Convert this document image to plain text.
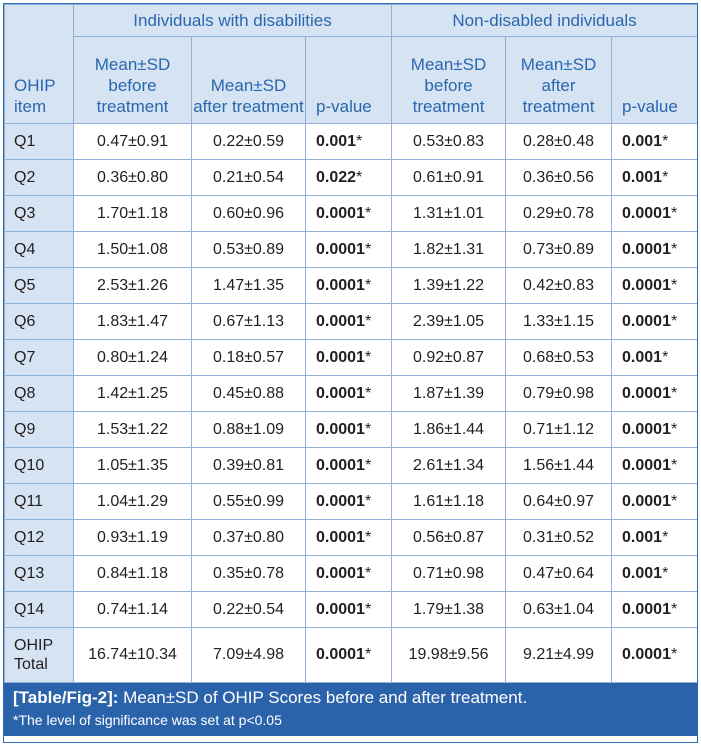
OHIP item	Individuals with disabilities			Non-disabled individuals		
	Mean±SD before treatment	Mean±SD after treatment	p-value	Mean±SD before treatment	Mean±SD after treatment	p-value
Q1	0.47±0.91	0.22±0.59	0.001*	0.53±0.83	0.28±0.48	0.001*
Q2	0.36±0.80	0.21±0.54	0.022*	0.61±0.91	0.36±0.56	0.001*
Q3	1.70±1.18	0.60±0.96	0.0001*	1.31±1.01	0.29±0.78	0.0001*
Q4	1.50±1.08	0.53±0.89	0.0001*	1.82±1.31	0.73±0.89	0.0001*
Q5	2.53±1.26	1.47±1.35	0.0001*	1.39±1.22	0.42±0.83	0.0001*
Q6	1.83±1.47	0.67±1.13	0.0001*	2.39±1.05	1.33±1.15	0.0001*
Q7	0.80±1.24	0.18±0.57	0.0001*	0.92±0.87	0.68±0.53	0.001*
Q8	1.42±1.25	0.45±0.88	0.0001*	1.87±1.39	0.79±0.98	0.0001*
Q9	1.53±1.22	0.88±1.09	0.0001*	1.86±1.44	0.71±1.12	0.0001*
Q10	1.05±1.35	0.39±0.81	0.0001*	2.61±1.34	1.56±1.44	0.0001*
Q11	1.04±1.29	0.55±0.99	0.0001*	1.61±1.18	0.64±0.97	0.0001*
Q12	0.93±1.19	0.37±0.80	0.0001*	0.56±0.87	0.31±0.52	0.001*
Q13	0.84±1.18	0.35±0.78	0.0001*	0.71±0.98	0.47±0.64	0.001*
Q14	0.74±1.14	0.22±0.54	0.0001*	1.79±1.38	0.63±1.04	0.0001*
OHIP Total	16.74±10.34	7.09±4.98	0.0001*	19.98±9.56	9.21±4.99	0.0001*
[Table/Fig-2]: Mean±SD of OHIP Scores before and after treatment.
*The level of significance was set at p<0.05
